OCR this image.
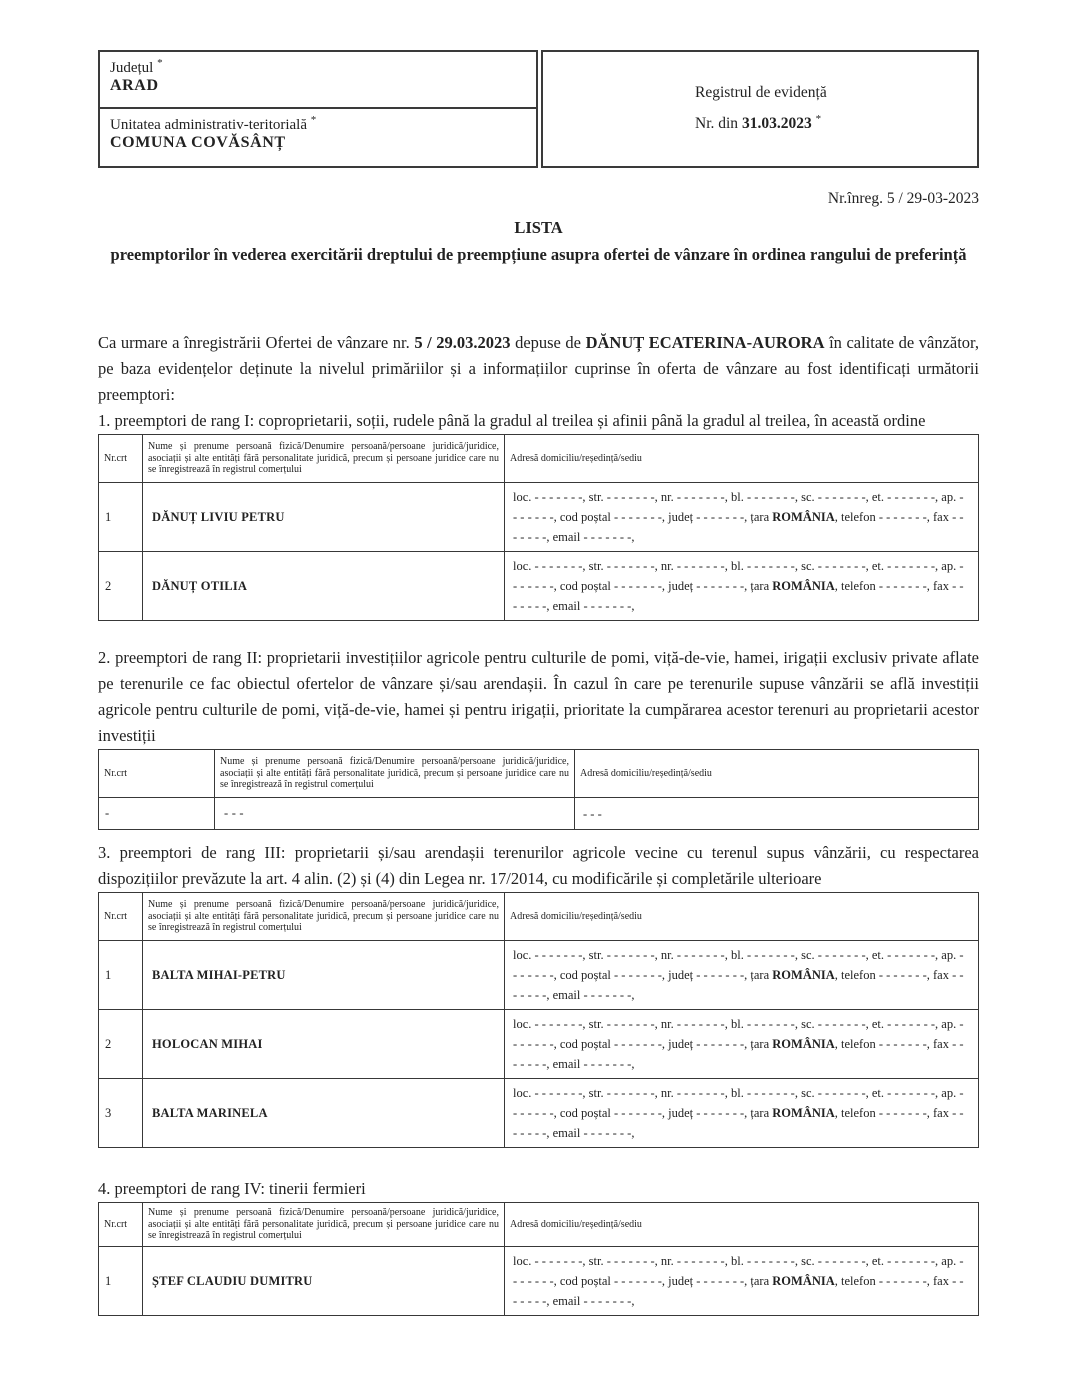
Județul *
ARAD
Unitatea administrativ-teritorială *
COMUNA COVĂSÂNȚ
Registrul de evidență
Nr. din 31.03.2023 *
Nr.înreg. 5 / 29-03-2023
LISTA
preemptorilor în vederea exercitării dreptului de preempțiune asupra ofertei de vânzare în ordinea rangului de preferință

Ca urmare a înregistrării Ofertei de vânzare nr. 5 / 29.03.2023 depuse de DĂNUȚ ECATERINA-AURORA în calitate de vânzător, pe baza evidențelor deținute la nivelul primăriilor și a informațiilor cuprinse în oferta de vânzare au fost identificați următorii preemptori:

1. preemptori de rang I: coproprietarii, soții, rudele până la gradul al treilea și afinii până la gradul al treilea, în această ordine

Nr.crt	Nume și prenume persoană fizică/Denumire persoană/persoane juridică/juridice, asociații și alte entități fără personalitate juridică, precum și persoane juridice care nu se înregistrează în registrul comerțului	Adresă domiciliu/reședință/sediu
1	DĂNUȚ LIVIU PETRU	loc. - - - - - - -, str. - - - - - - -, nr. - - - - - - -, bl. - - - - - - -, sc. - - - - - - -, et. - - - - - - -, ap. - - - - - - -, cod poștal - - - - - - -, județ - - - - - - -, țara ROMÂNIA, telefon - - - - - - -, fax - - - - - - -, email - - - - - - -,
2	DĂNUȚ OTILIA	loc. - - - - - - -, str. - - - - - - -, nr. - - - - - - -, bl. - - - - - - -, sc. - - - - - - -, et. - - - - - - -, ap. - - - - - - -, cod poștal - - - - - - -, județ - - - - - - -, țara ROMÂNIA, telefon - - - - - - -, fax - - - - - - -, email - - - - - - -,

2. preemptori de rang II: proprietarii investițiilor agricole pentru culturile de pomi, viță-de-vie, hamei, irigații exclusiv private aflate pe terenurile ce fac obiectul ofertelor de vânzare și/sau arendașii. În cazul în care pe terenurile supuse vânzării se află investiții agricole pentru culturile de pomi, viță-de-vie, hamei și pentru irigații, prioritate la cumpărarea acestor terenuri au proprietarii acestor investiții

Nr.crt	Nume și prenume persoană fizică/Denumire persoană/persoane juridică/juridice, asociații și alte entități fără personalitate juridică, precum și persoane juridice care nu se înregistrează în registrul comerțului	Adresă domiciliu/reședință/sediu
-	- - -	- - -

3. preemptori de rang III: proprietarii și/sau arendașii terenurilor agricole vecine cu terenul supus vânzării, cu respectarea dispozițiilor prevăzute la art. 4 alin. (2) și (4) din Legea nr. 17/2014, cu modificările și completările ulterioare

Nr.crt	Nume și prenume persoană fizică/Denumire persoană/persoane juridică/juridice, asociații și alte entități fără personalitate juridică, precum și persoane juridice care nu se înregistrează în registrul comerțului	Adresă domiciliu/reședință/sediu
1	BALTA MIHAI-PETRU	loc. - - - - - - -, str. - - - - - - -, nr. - - - - - - -, bl. - - - - - - -, sc. - - - - - - -, et. - - - - - - -, ap. - - - - - - -, cod poștal - - - - - - -, județ - - - - - - -, țara ROMÂNIA, telefon - - - - - - -, fax - - - - - - -, email - - - - - - -,
2	HOLOCAN MIHAI	loc. - - - - - - -, str. - - - - - - -, nr. - - - - - - -, bl. - - - - - - -, sc. - - - - - - -, et. - - - - - - -, ap. - - - - - - -, cod poștal - - - - - - -, județ - - - - - - -, țara ROMÂNIA, telefon - - - - - - -, fax - - - - - - -, email - - - - - - -,
3	BALTA MARINELA	loc. - - - - - - -, str. - - - - - - -, nr. - - - - - - -, bl. - - - - - - -, sc. - - - - - - -, et. - - - - - - -, ap. - - - - - - -, cod poștal - - - - - - -, județ - - - - - - -, țara ROMÂNIA, telefon - - - - - - -, fax - - - - - - -, email - - - - - - -,

4. preemptori de rang IV: tinerii fermieri

Nr.crt	Nume și prenume persoană fizică/Denumire persoană/persoane juridică/juridice, asociații și alte entități fără personalitate juridică, precum și persoane juridice care nu se înregistrează în registrul comerțului	Adresă domiciliu/reședință/sediu
1	ȘTEF CLAUDIU DUMITRU	loc. - - - - - - -, str. - - - - - - -, nr. - - - - - - -, bl. - - - - - - -, sc. - - - - - - -, et. - - - - - - -, ap. - - - - - - -, cod poștal - - - - - - -, județ - - - - - - -, țara ROMÂNIA, telefon - - - - - - -, fax - - - - - - -, email - - - - - - -,
